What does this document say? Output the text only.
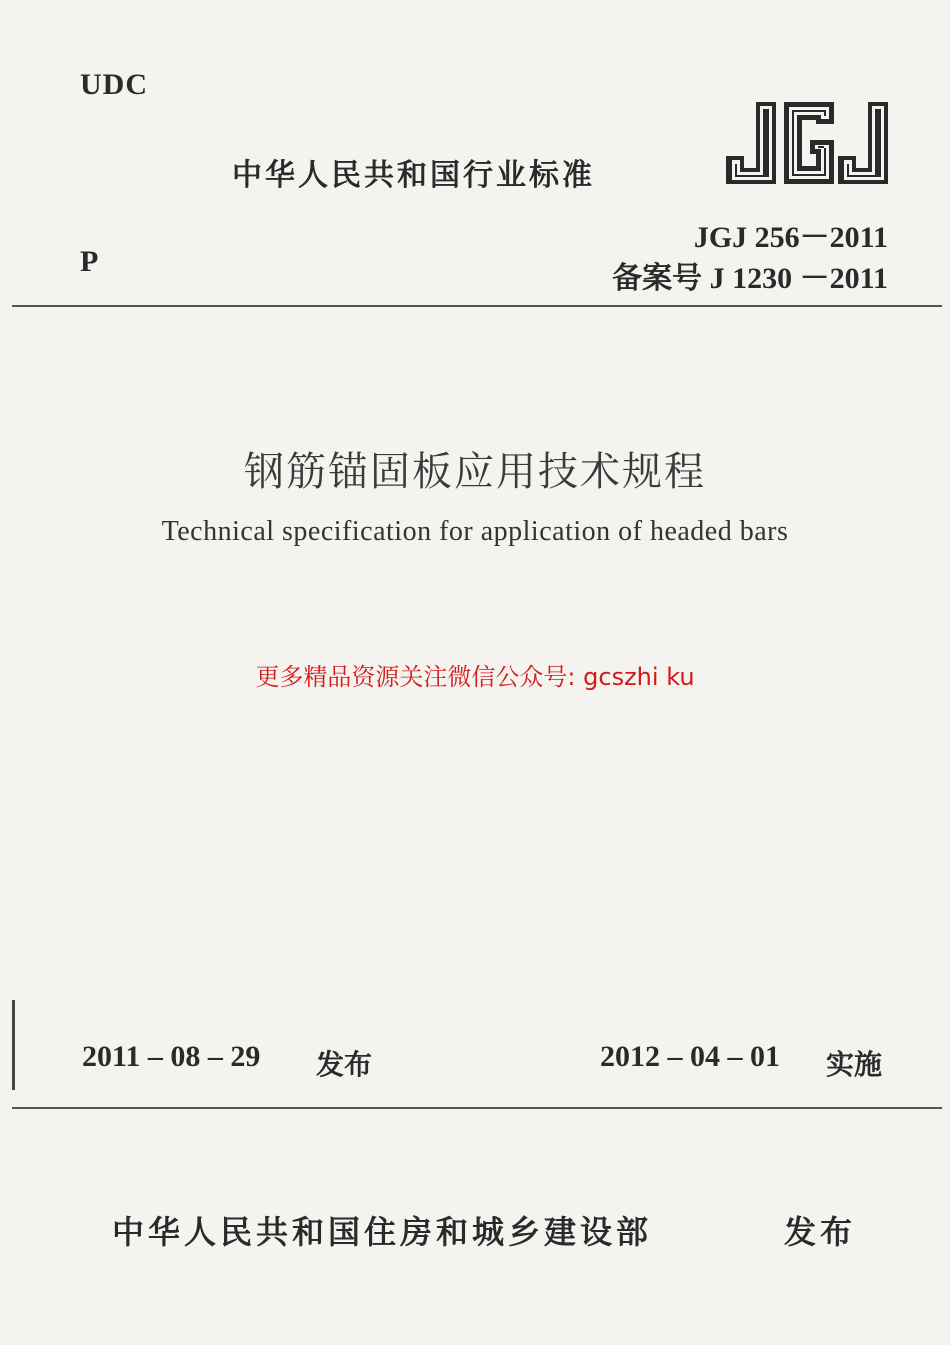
UDC
中华人民共和国行业标准
P
JGJ 256－2011
备案号 J 1230 －2011
钢筋锚固板应用技术规程
Technical specification for application of headed bars
更多精品资源关注微信公众号: gcszhi ku
2011 – 08 – 29 发布	2012 – 04 – 01 实施
中华人民共和国住房和城乡建设部	发布
